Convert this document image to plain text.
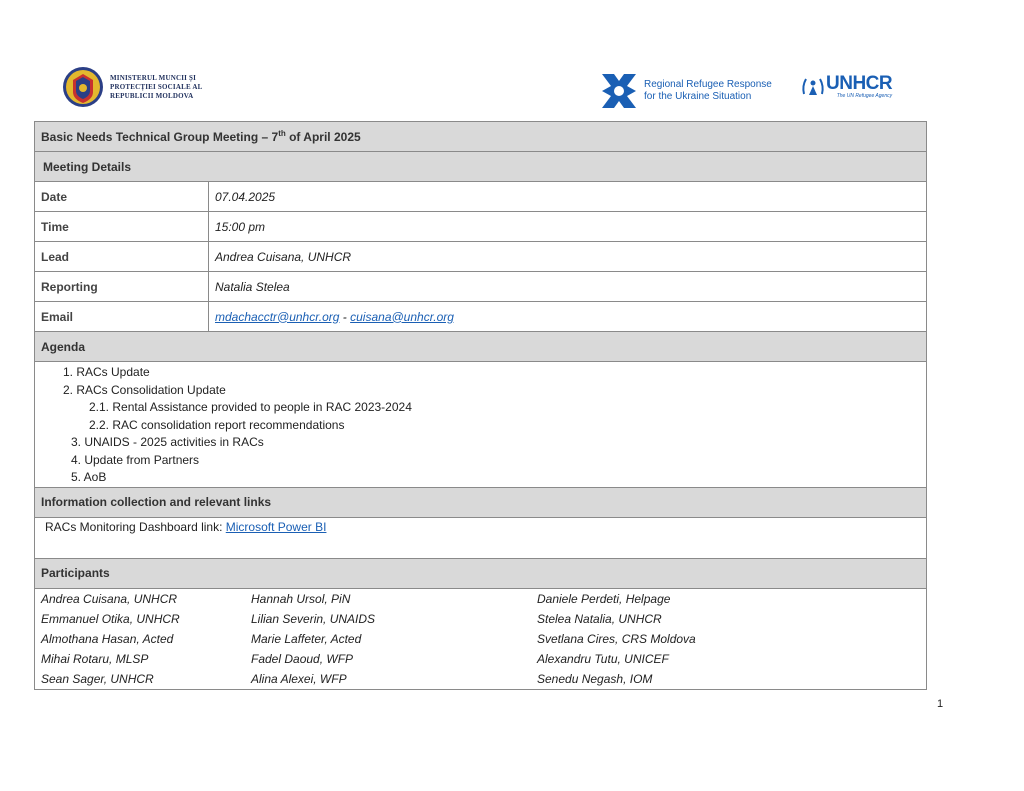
MINISTERUL MUNCII ȘI
PROTECȚIEI SOCIALE AL
REPUBLICII MOLDOVA
Regional Refugee Response
for the Ukraine Situation
UNHCR
The UN Refugee Agency
Basic Needs Technical Group Meeting – 7th of April 2025
Meeting Details
Date	07.04.2025
Time	15:00 pm
Lead	Andrea Cuisana, UNHCR
Reporting	Natalia Stelea
Email	mdachacctr@unhcr.org - cuisana@unhcr.org
Agenda

1. RACs Update
2. RACs Consolidation Update
2.1. Rental Assistance provided to people in RAC 2023-2024
2.2. RAC consolidation report recommendations
3. UNAIDS - 2025 activities in RACs
4. Update from Partners
5. AoB

Information collection and relevant links
RACs Monitoring Dashboard link: Microsoft Power BI
Participants

Andrea Cuisana, UNHCR	Hannah Ursol, PiN	Daniele Perdeti, Helpage
Emmanuel Otika, UNHCR	Lilian Severin, UNAIDS	Stelea Natalia, UNHCR
Almothana Hasan, Acted	Marie Laffeter, Acted	Svetlana Cires, CRS Moldova
Mihai Rotaru, MLSP	Fadel Daoud, WFP	Alexandru Tutu, UNICEF
Sean Sager, UNHCR	Alina Alexei, WFP	Senedu Negash, IOM
1
